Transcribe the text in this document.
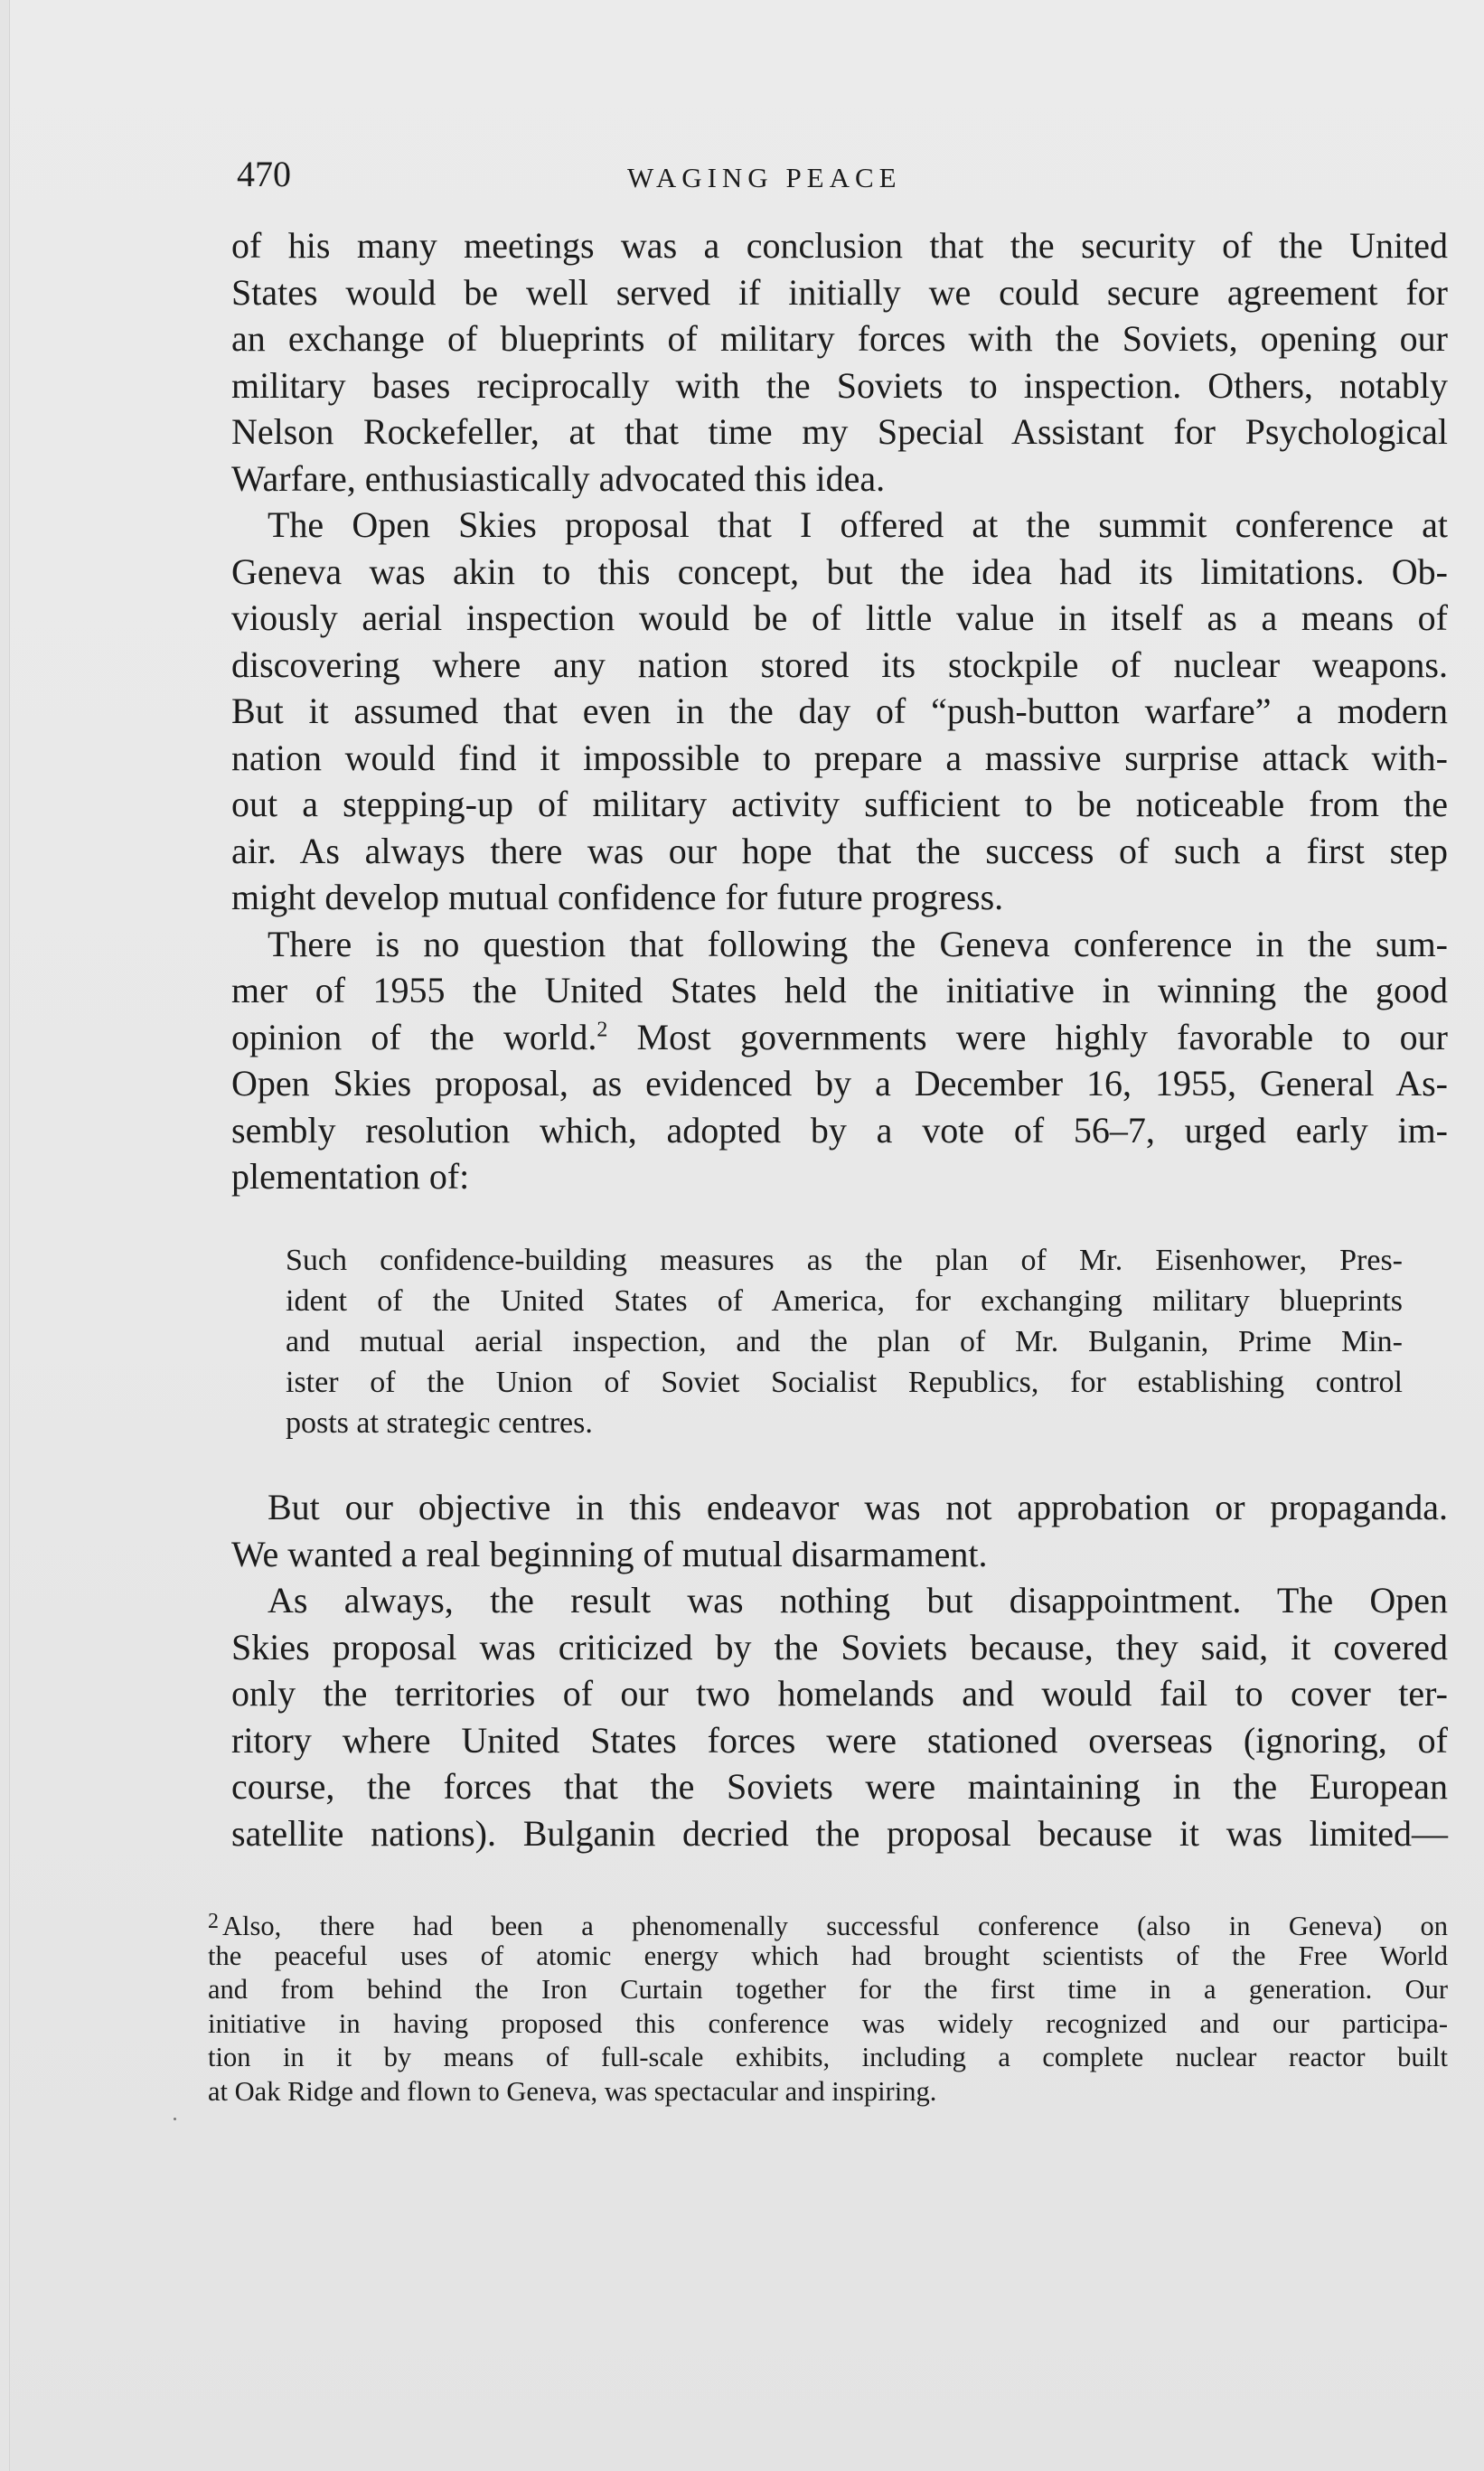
470	WAGING PEACE
of his many meetings was a conclusion that the security of the United
States would be well served if initially we could secure agreement for
an exchange of blueprints of military forces with the Soviets, opening our
military bases reciprocally with the Soviets to inspection. Others, notably
Nelson Rockefeller, at that time my Special Assistant for Psychological
Warfare, enthusiastically advocated this idea.
The Open Skies proposal that I offered at the summit conference at
Geneva was akin to this concept, but the idea had its limitations. Ob-
viously aerial inspection would be of little value in itself as a means of
discovering where any nation stored its stockpile of nuclear weapons.
But it assumed that even in the day of “push-button warfare” a modern
nation would find it impossible to prepare a massive surprise attack with-
out a stepping-up of military activity sufficient to be noticeable from the
air. As always there was our hope that the success of such a first step
might develop mutual confidence for future progress.
There is no question that following the Geneva conference in the sum-
mer of 1955 the United States held the initiative in winning the good
opinion of the world.$^2$ Most governments were highly favorable to our
Open Skies proposal, as evidenced by a December 16, 1955, General As-
sembly resolution which, adopted by a vote of 56–7, urged early im-
plementation of:
Such confidence-building measures as the plan of Mr. Eisenhower, Pres-
ident of the United States of America, for exchanging military blueprints
and mutual aerial inspection, and the plan of Mr. Bulganin, Prime Min-
ister of the Union of Soviet Socialist Republics, for establishing control
posts at strategic centres.
But our objective in this endeavor was not approbation or propaganda.
We wanted a real beginning of mutual disarmament.
As always, the result was nothing but disappointment. The Open
Skies proposal was criticized by the Soviets because, they said, it covered
only the territories of our two homelands and would fail to cover ter-
ritory where United States forces were stationed overseas (ignoring, of
course, the forces that the Soviets were maintaining in the European
satellite nations). Bulganin decried the proposal because it was limited—
$^2$ Also, there had been a phenomenally successful conference (also in Geneva) on
the peaceful uses of atomic energy which had brought scientists of the Free World
and from behind the Iron Curtain together for the first time in a generation. Our
initiative in having proposed this conference was widely recognized and our participa-
tion in it by means of full-scale exhibits, including a complete nuclear reactor built
at Oak Ridge and flown to Geneva, was spectacular and inspiring.
